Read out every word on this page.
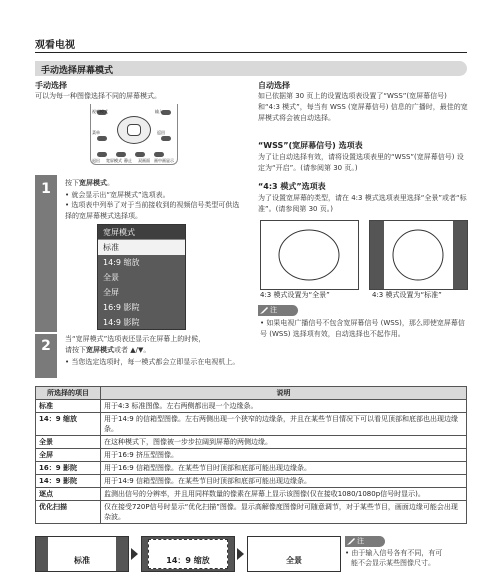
观看电视
手动选择屏幕模式
手动选择
可以为每一种图像选择不同的屏幕模式。
视听模式	输入
菜单	返回
退出 宽屏模式 静止 双画面 画中画 显示
1	按下宽屏模式。
• 就会显示出“宽屏模式”选项表。
• 选项表中列举了对于当前接收到的视频信号类型可供选择的宽屏幕模式选择项。
宽屏模式
标准
14:9 缩放
全景
全屏
16:9 影院
14:9 影院
2	当“宽屏模式”选项表还显示在屏幕上的时候，
请按下宽屏模式或者 ▲/▼。
• 当您选定选项时，每一模式都会立即显示在电视机上。
自动选择
如已依据第 30 页上的设置选项表设置了“WSS”(宽屏幕信号) 和“4:3 模式”，每当有 WSS (宽屏幕信号) 信息的广播时，最佳的宽屏模式将会被自动选择。
“WSS”(宽屏幕信号) 选项表
为了让自动选择有效，请将设置选项表里的“WSS”(宽屏幕信号) 设定为“开启”。(请参阅第 30 页。)
“4:3 模式”选项表
为了设置宽屏幕的类型，请在 4:3 模式选项表里选择“全景”或者“标准”。(请参阅第 30 页。)
4:3 模式设置为“全景”	4:3 模式设置为“标准”
注
• 如果电视广播信号不包含宽屏幕信号 (WSS)，那么即使宽屏幕信号 (WSS) 选择项有效，自动选择也不起作用。
所选择的项目	说明
标准	用于4:3 标准图像。左右两侧都出现一个边缘条。
14：9 缩放	用于14:9 的信箱型图像。左右两侧出现一个狭窄的边缘条，并且在某些节目情况下可以看见顶部和底部也出现边缘条。
全景	在这种模式下，图像被一步步拉阔到屏幕的两侧边缘。
全屏	用于16:9 挤压型图像。
16：9 影院	用于16:9 信箱型图像。在某些节目时顶部和底部可能出现边缘条。
14：9 影院	用于14:9 信箱型图像。在某些节目时顶部和底部可能出现边缘条。
逐点	监测出信号的分辨率，并且用同样数量的像素在屏幕上显示该图像(仅在接收1080/1080p信号时显示)。
优化扫描	仅在接受720P信号时显示“优化扫描”图像。显示高解像度图像时可随意调节，对于某些节目，画面边缘可能会出现杂波。
标准	14：9 缩放	全景
注
• 由于输入信号各有不同，有可
能不会显示某些图像尺寸。
